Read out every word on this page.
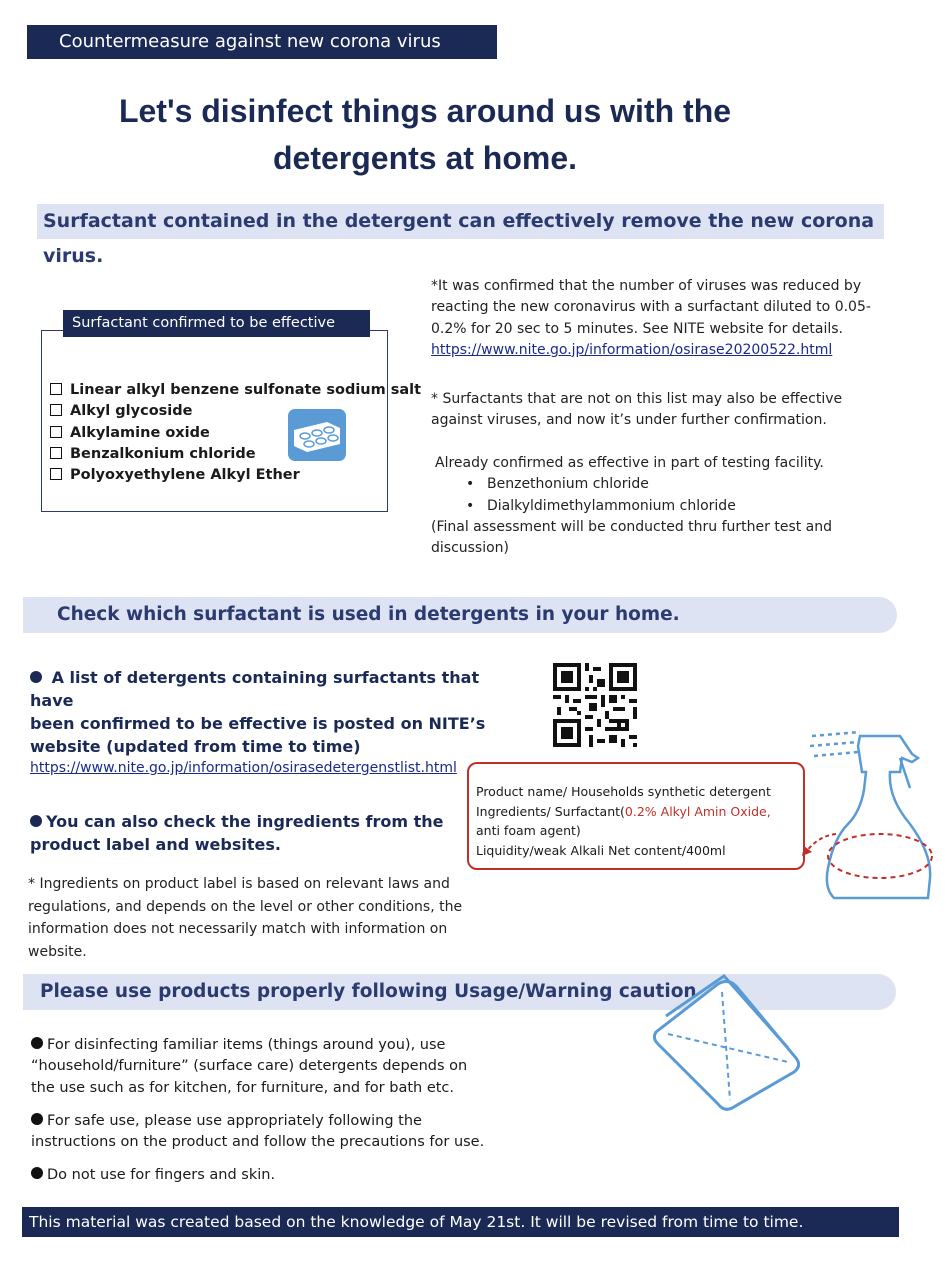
Countermeasure against new corona virus
Let's disinfect things around us with the
detergents at home.
Surfactant contained in the detergent can effectively remove the new corona virus.
Surfactant confirmed to be effective
Linear alkyl benzene sulfonate sodium salt
Alkyl glycoside
Alkylamine oxide
Benzalkonium chloride
Polyoxyethylene Alkyl Ether
*It was confirmed that the number of viruses was reduced by
reacting the new coronavirus with a surfactant diluted to 0.05-
0.2% for 20 sec to 5 minutes. See NITE website for details.
https://www.nite.go.jp/information/osirase20200522.html
* Surfactants that are not on this list may also be effective
against viruses, and now it’s under further confirmation.
Already confirmed as effective in part of testing facility.
• Benzethonium chloride
• Dialkyldimethylammonium chloride
(Final assessment will be conducted thru further test and
discussion)
Check which surfactant is used in detergents in your home.
A list of detergents containing surfactants that have
been confirmed to be effective is posted on NITE’s
website (updated from time to time)
https://www.nite.go.jp/information/osirasedetergenstlist.html
Product name/ Households synthetic detergent
Ingredients/ Surfactant(0.2% Alkyl Amin Oxide,
anti foam agent)
Liquidity/weak Alkali Net content/400ml
You can also check the ingredients from the
product label and websites.
* Ingredients on product label is based on relevant laws and
regulations, and depends on the level or other conditions, the
information does not necessarily match with information on
website.
Please use products properly following Usage/Warning caution
For disinfecting familiar items (things around you), use
“household/furniture” (surface care) detergents depends on
the use such as for kitchen, for furniture, and for bath etc.
For safe use, please use appropriately following the
instructions on the product and follow the precautions for use.
Do not use for fingers and skin.
This material was created based on the knowledge of May 21st. It will be revised from time to time.
